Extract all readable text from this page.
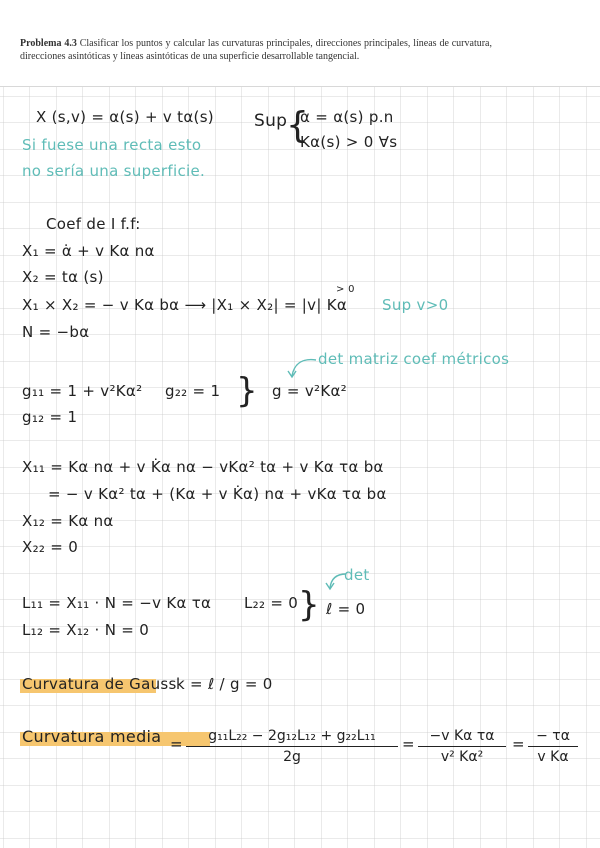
Problema 4.3 Clasificar los puntos y calcular las curvaturas principales, direcciones principales, líneas de curvatura, direcciones asintóticas y líneas asintóticas de una superficie desarrollable tangencial.
X (s,v) = α(s) + v tα(s) Sup
{
α = α(s) p.n
Kα(s) > 0 ∀s
Si fuese una recta esto
no sería una superficie.
Coef de I f.f:
X₁ = α̇ + v Kα nα
X₂ = tα (s)
X₁ × X₂ = − v Kα bα ⟶ |X₁ × X₂| = |v| Kα
> 0
Sup v>0
N = −bα
det matriz coef métricos
g₁₁ = 1 + v²Kα² g₂₂ = 1 } g = v²Kα²
g₁₂ = 1
X₁₁ = Kα nα + v K̇α nα − vKα² tα + v Kα τα bα
= − v Kα² tα + (Kα + v K̇α) nα + vKα τα bα
X₁₂ = Kα nα
X₂₂ = 0
det
L₁₁ = X₁₁ · N = −v Kα τα L₂₂ = 0 } ℓ = 0
L₁₂ = X₁₂ · N = 0
Curvatura de Gauss k = ℓ / g = 0
Curvatura media =	g₁₁L₂₂ − 2g₁₂L₁₂ + g₂₂L₁₁
2g
=	−v Kα τα
v² Kα²
= − τα
v Kα
